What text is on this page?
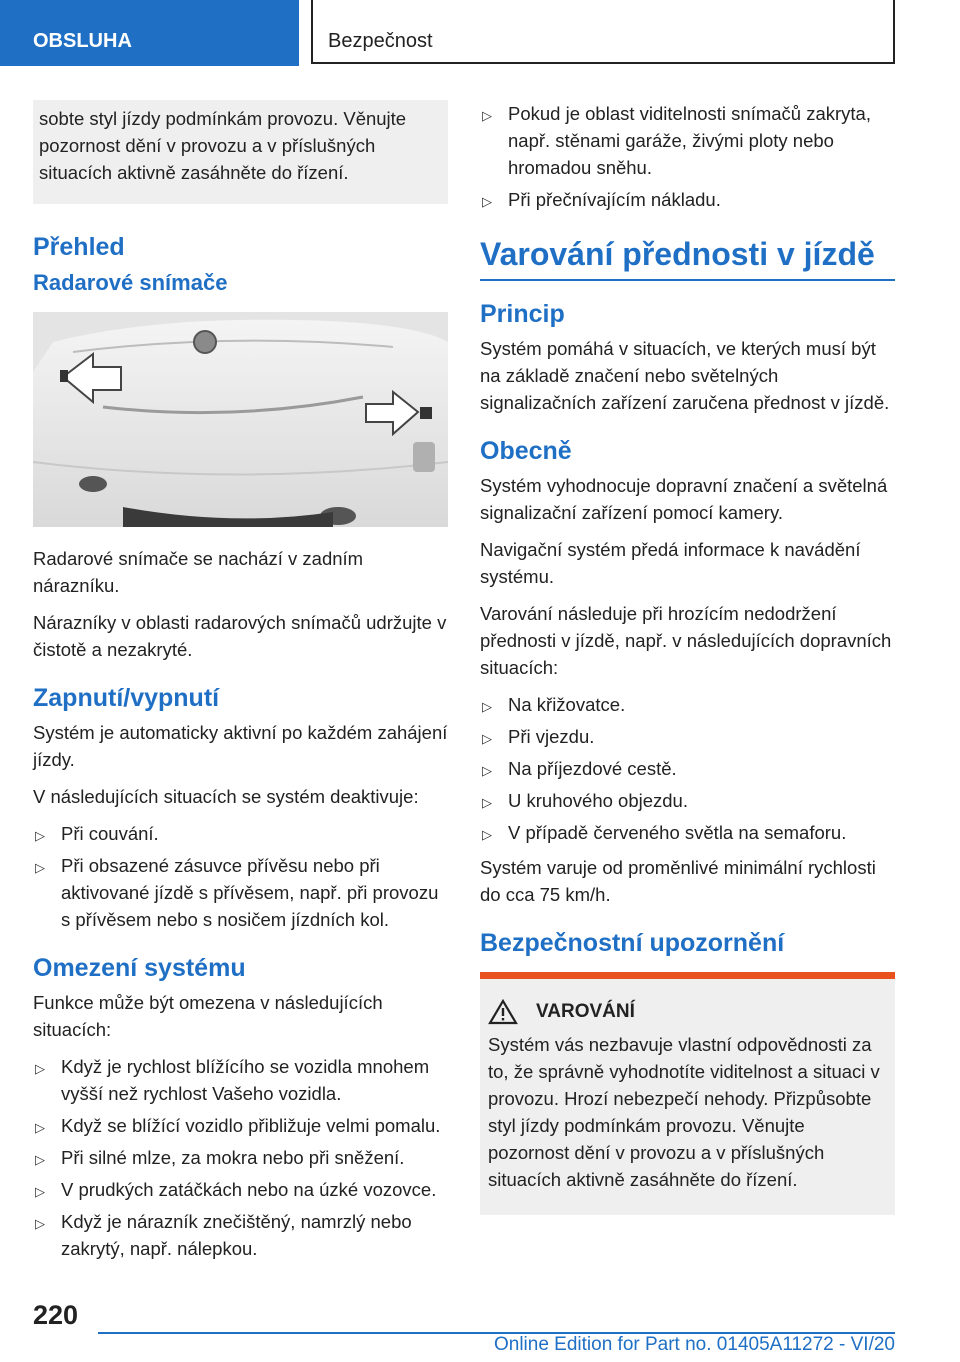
OBSLUHA	Bezpečnost
sobte styl jízdy podmínkám provozu. Věnujte pozornost dění v provozu a v příslušných situacích aktivně zasáhněte do řízení.
Přehled
Radarové snímače

Radarové snímače se nachází v zadním nárazníku.

Nárazníky v oblasti radarových snímačů udržujte v čistotě a nezakryté.

Zapnutí/vypnutí

Systém je automaticky aktivní po každém zahájení jízdy.

V následujících situacích se systém deaktivuje:

▷ Při couvání.
▷ Při obsazené zásuvce přívěsu nebo při aktivované jízdě s přívěsem, např. při provozu s přívěsem nebo s nosičem jízdních kol.
Omezení systému

Funkce může být omezena v následujících situacích:

▷ Když je rychlost blížícího se vozidla mnohem vyšší než rychlost Vašeho vozidla.
▷ Když se blížící vozidlo přibližuje velmi pomalu.
▷ Při silné mlze, za mokra nebo při sněžení.
▷ V prudkých zatáčkách nebo na úzké vozovce.
▷ Když je nárazník znečištěný, namrzlý nebo zakrytý, např. nálepkou.
▷ Pokud je oblast viditelnosti snímačů zakryta, např. stěnami garáže, živými ploty nebo hromadou sněhu.
▷ Při přečnívajícím nákladu.
Varování přednosti v jízdě
Princip

Systém pomáhá v situacích, ve kterých musí být na základě značení nebo světelných signalizačních zařízení zaručena přednost v jízdě.

Obecně

Systém vyhodnocuje dopravní značení a světelná signalizační zařízení pomocí kamery.

Navigační systém předá informace k navádění systému.

Varování následuje při hrozícím nedodržení přednosti v jízdě, např. v následujících dopravních situacích:

▷ Na křižovatce.
▷ Při vjezdu.
▷ Na příjezdové cestě.
▷ U kruhového objezdu.
▷ V případě červeného světla na semaforu.

Systém varuje od proměnlivé minimální rychlosti do cca 75 km/h.

Bezpečnostní upozornění
VAROVÁNÍ

Systém vás nezbavuje vlastní odpovědnosti za to, že správně vyhodnotíte viditelnost a situaci v provozu. Hrozí nebezpečí nehody. Přizpůsobte styl jízdy podmínkám provozu. Věnujte pozornost dění v provozu a v příslušných situacích aktivně zasáhněte do řízení.

220
Online Edition for Part no. 01405A11272 - VI/20
